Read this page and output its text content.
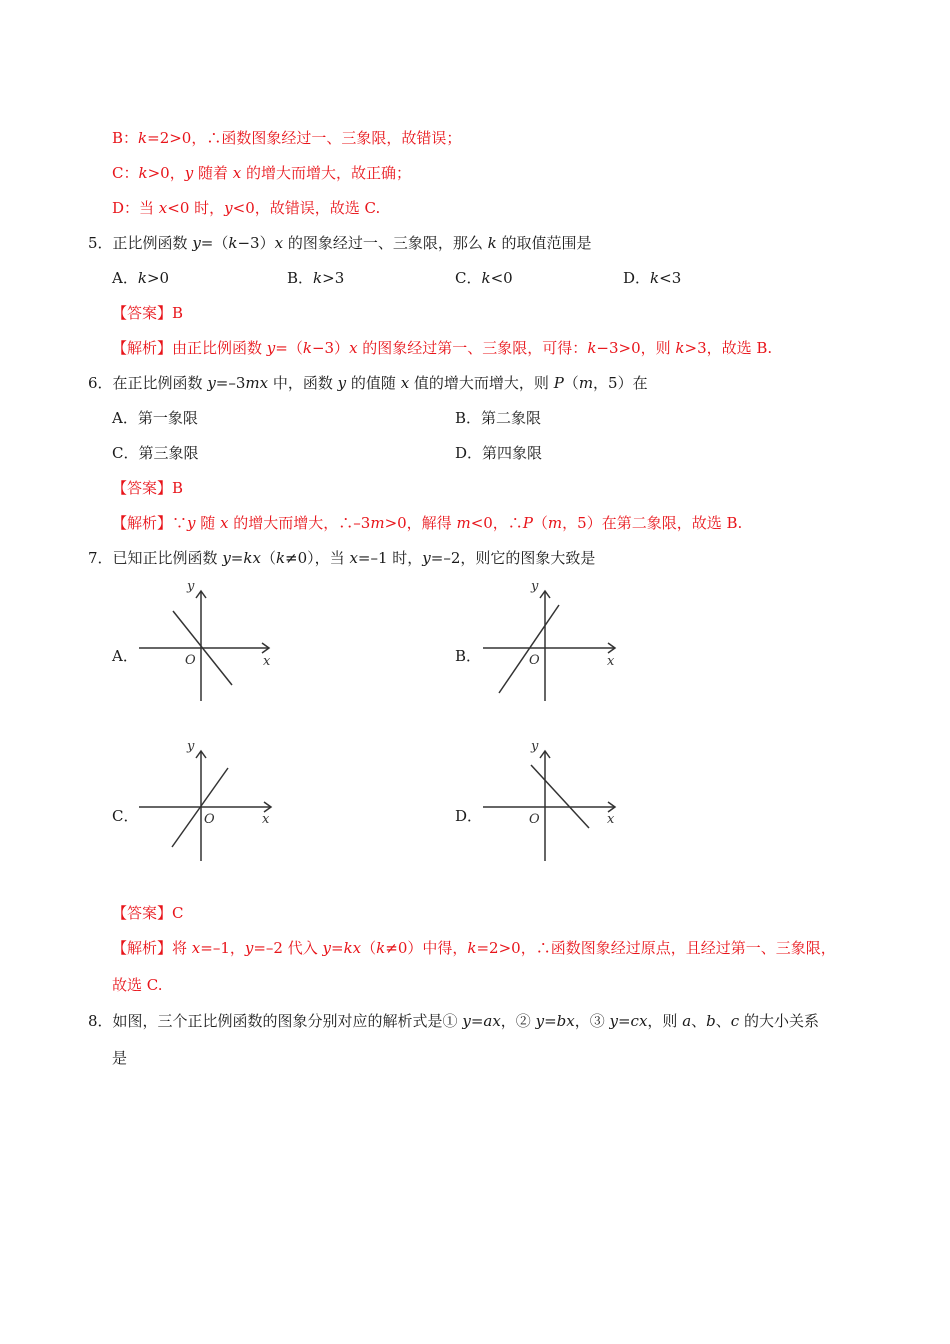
B：k=2>0，∴函数图象经过一、三象限，故错误；
C：k>0，y 随着 x 的增大而增大，故正确；
D：当 x<0 时，y<0，故错误，故选 C.
5．正比例函数 y=（k−3）x 的图象经过一、三象限，那么 k 的取值范围是
A．k>0	B．k>3	C．k<0	D．k<3
【答案】B
【解析】由正比例函数 y=（k−3）x 的图象经过第一、三象限，可得：k−3>0，则 k>3，故选 B.
6．在正比例函数 y=–3mx 中，函数 y 的值随 x 值的增大而增大，则 P（m，5）在
A．第一象限	B．第二象限
C．第三象限	D．第四象限
【答案】B
【解析】∵y 随 x 的增大而增大，∴–3m>0，解得 m<0，∴P（m，5）在第二象限，故选 B.
7．已知正比例函数 y=kx（k≠0），当 x=–1 时，y=–2，则它的图象大致是
A．	B．
C．	D．
y
x
O
y
x
O
y
x
O
y
x
O
【答案】C
【解析】将 x=–1，y=–2 代入 y=kx（k≠0）中得，k=2>0，∴函数图象经过原点，且经过第一、三象限，
故选 C.
8．如图，三个正比例函数的图象分别对应的解析式是① y=ax，② y=bx，③ y=cx，则 a、b、c 的大小关系
是
